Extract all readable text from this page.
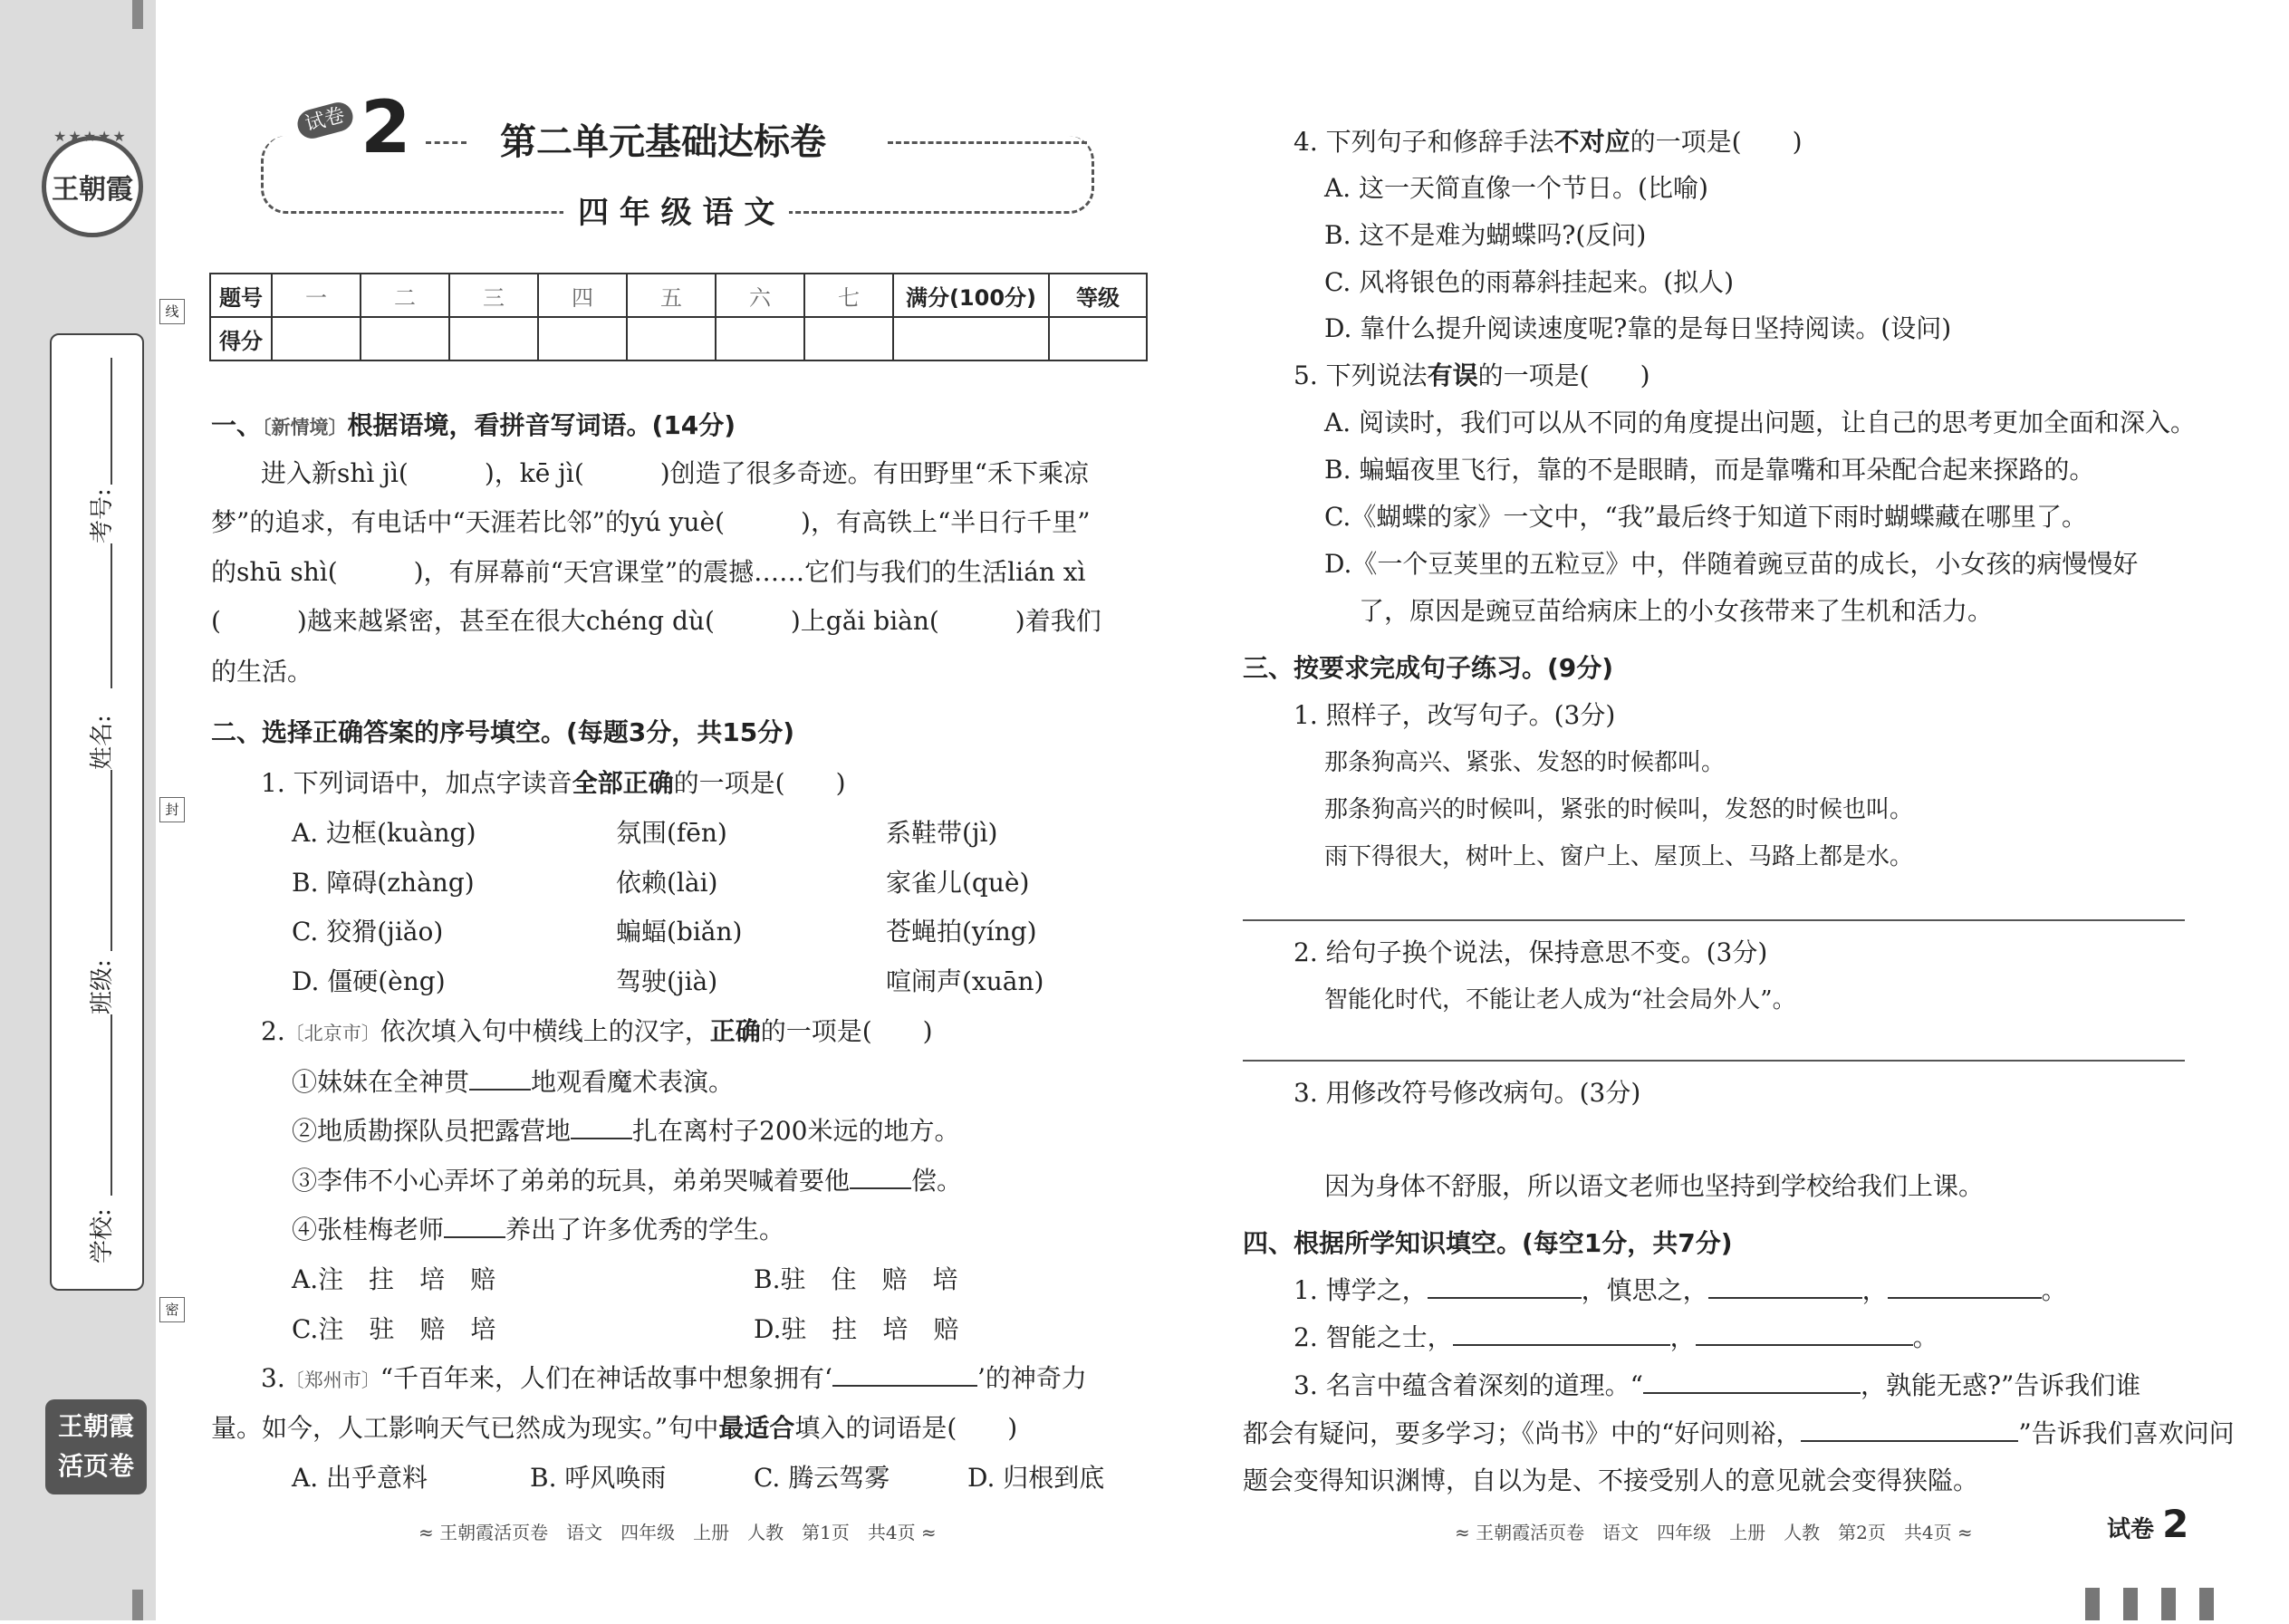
★★★★★
王朝霞
考号:
姓名:
班级:
学校:
线
封
密
王朝霞
活页卷
试卷 2 第二单元基础达标卷
四 年 级 语 文
题号	一	二	三	四	五	六	七	满分(100分)	等级
得分									
一、〔新情境〕根据语境，看拼音写词语。(14分)
进入新shì jì(　　　)，kē jì(　　　)创造了很多奇迹。有田野里“禾下乘凉
梦”的追求，有电话中“天涯若比邻”的yú yuè(　　　)，有高铁上“半日行千里”
的shū shì(　　　)，有屏幕前“天宫课堂”的震撼……它们与我们的生活lián xì
(　　　)越来越紧密，甚至在很大chéng dù(　　　)上gǎi biàn(　　　)着我们
的生活。
二、选择正确答案的序号填空。(每题3分，共15分)
1. 下列词语中，加点字读音全部正确的一项是(　　)
A. 边框(kuàng)	氛围(fēn)	系鞋带(jì)
B. 障碍(zhàng)	依赖(lài)	家雀儿(què)
C. 狡猾(jiǎo)	蝙蝠(biǎn)	苍蝇拍(yíng)
D. 僵硬(èng)	驾驶(jià)	喧闹声(xuān)
2.〔北京市〕依次填入句中横线上的汉字，正确的一项是(　　)
①妹妹在全神贯 地观看魔术表演。
②地质勘探队员把露营地 扎在离村子200米远的地方。
③李伟不小心弄坏了弟弟的玩具，弟弟哭喊着要他 偿。
④张桂梅老师 养出了许多优秀的学生。
A.注　拄　培　赔	B.驻　住　赔　培
C.注　驻　赔　培	D.驻　拄　培　赔
3.〔郑州市〕“千百年来，人们在神话故事中想象拥有‘	’的神奇力
量。如今，人工影响天气已然成为现实。”句中最适合填入的词语是(　　)
A. 出乎意料	B. 呼风唤雨	C. 腾云驾雾	D. 归根到底
≈ 王朝霞活页卷　语文　四年级　上册　人教　第1页　共4页 ≈
4. 下列句子和修辞手法不对应的一项是(　　)
A. 这一天简直像一个节日。(比喻)
B. 这不是难为蝴蝶吗?(反问)
C. 风将银色的雨幕斜挂起来。(拟人)
D. 靠什么提升阅读速度呢?靠的是每日坚持阅读。(设问)
5. 下列说法有误的一项是(　　)
A. 阅读时，我们可以从不同的角度提出问题，让自己的思考更加全面和深入。
B. 蝙蝠夜里飞行，靠的不是眼睛，而是靠嘴和耳朵配合起来探路的。
C.《蝴蝶的家》一文中，“我”最后终于知道下雨时蝴蝶藏在哪里了。
D.《一个豆荚里的五粒豆》中，伴随着豌豆苗的成长，小女孩的病慢慢好
了，原因是豌豆苗给病床上的小女孩带来了生机和活力。
三、按要求完成句子练习。(9分)
1. 照样子，改写句子。(3分)
那条狗高兴、紧张、发怒的时候都叫。
那条狗高兴的时候叫，紧张的时候叫，发怒的时候也叫。
雨下得很大，树叶上、窗户上、屋顶上、马路上都是水。
2. 给句子换个说法，保持意思不变。(3分)
智能化时代，不能让老人成为“社会局外人”。
3. 用修改符号修改病句。(3分)
因为身体不舒服，所以语文老师也坚持到学校给我们上课。
四、根据所学知识填空。(每空1分，共7分)
1. 博学之，	，慎思之，	，	。
2. 智能之士，	，	。
3. 名言中蕴含着深刻的道理。“	，孰能无惑?”告诉我们谁
都会有疑问，要多学习；《尚书》中的“好问则裕，	”告诉我们喜欢问问
题会变得知识渊博，自以为是、不接受别人的意见就会变得狭隘。
≈ 王朝霞活页卷　语文　四年级　上册　人教　第2页　共4页 ≈	试卷 2
